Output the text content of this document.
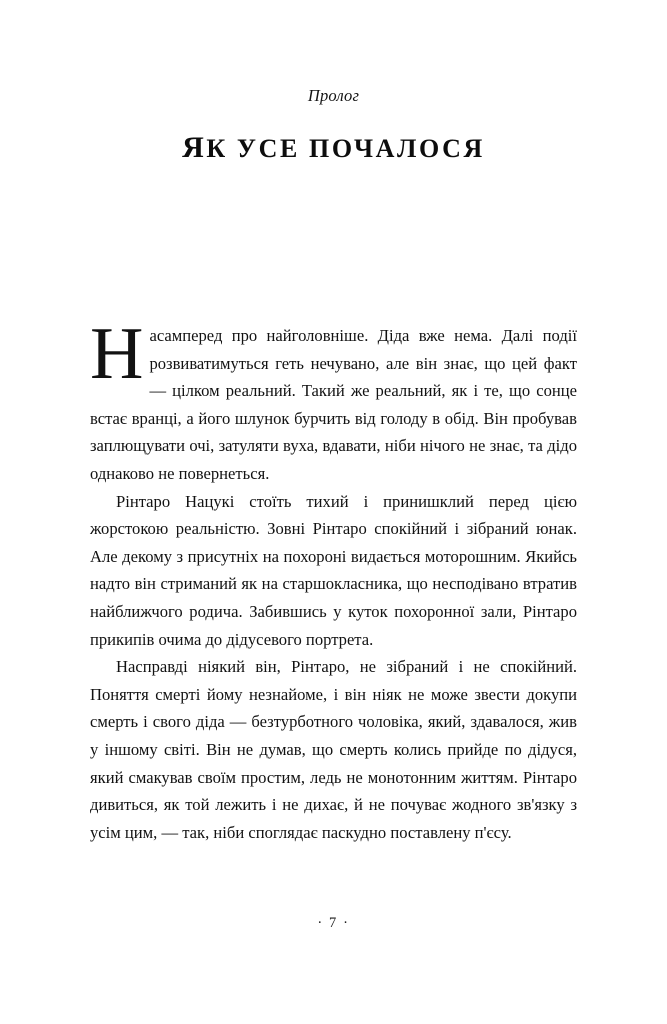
Пролог
ЯК УСЕ ПОЧАЛОСЯ

Насамперед про найголовніше. Діда вже нема. Далі події розвиватимуться геть нечувано, але він знає, що цей факт — цілком реальний. Такий же реальний, як і те, що сонце встає вранці, а його шлунок бурчить від голоду в обід. Він пробував заплющувати очі, затуляти вуха, вдавати, ніби нічого не знає, та дідо однаково не повернеться.

Рінтаро Нацукі стоїть тихий і принишклий перед цією жорстокою реальністю. Зовні Рінтаро спокійний і зібраний юнак. Але декому з присутніх на похороні видається моторошним. Якийсь надто він стриманий як на старшокласника, що несподівано втратив найближчого родича. Забившись у куток похоронної зали, Рінтаро прикипів очима до дідусевого портрета.

Насправді ніякий він, Рінтаро, не зібраний і не спокійний. Поняття смерті йому незнайоме, і він ніяк не може звести докупи смерть і свого діда — безтурботного чоловіка, який, здавалося, жив у іншому світі. Він не думав, що смерть колись прийде по дідуся, який смакував своїм простим, ледь не монотонним життям. Рінтаро дивиться, як той лежить і не дихає, й не почуває жодного зв'язку з усім цим, — так, ніби споглядає паскудно поставлену п'єсу.

· 7 ·
